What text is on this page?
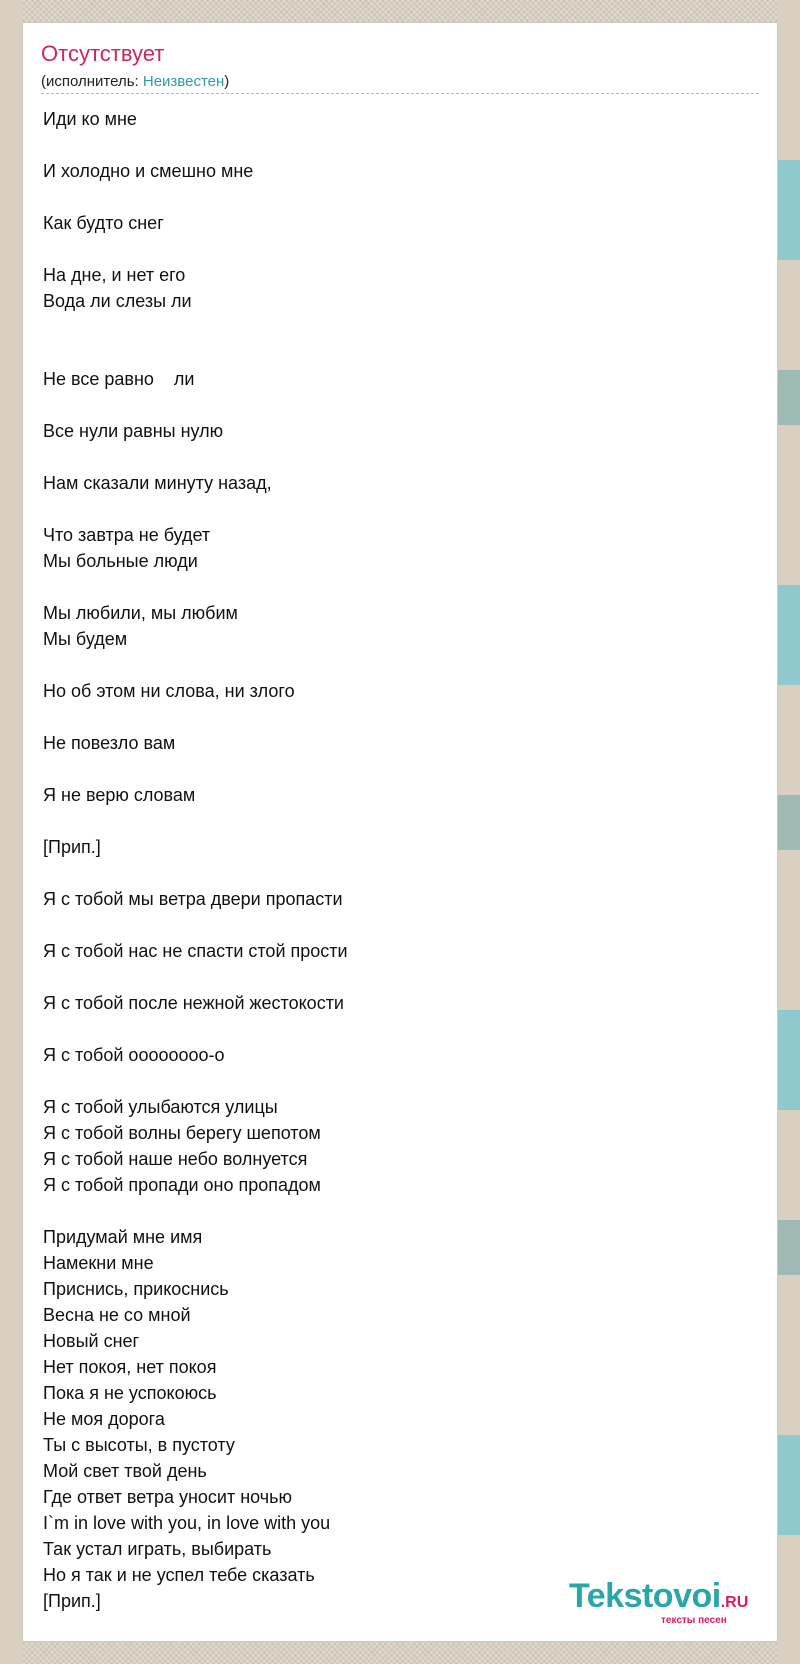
Отсутствует
(исполнитель: Неизвестен)
Иди ко мне
И холодно и смешно мне
Как будто снег
На дне, и нет его
Вода ли слезы ли
Не все равно    ли
Все нули равны нулю
Нам сказали минуту назад,
Что завтра не будет
Мы больные люди
Мы любили, мы любим
Мы будем
Но об этом ни слова, ни злого
Не повезло вам
Я не верю словам
[Прип.]
Я с тобой мы ветра двери пропасти
Я с тобой нас не спасти стой прости
Я с тобой после нежной жестокости
Я с тобой оооооооо-о
Я с тобой улыбаются улицы
Я с тобой волны берегу шепотом
Я с тобой наше небо волнуется
Я с тобой пропади оно пропадом
Придумай мне имя
Намекни мне
Приснись, прикоснись
Весна не со мной
Новый снег
Нет покоя, нет покоя
Пока я не успокоюсь
Не моя дорога
Ты с высоты, в пустоту
Мой свет твой день
Где ответ ветра уносит ночью
I`m in love with you, in love with you
Так устал играть, выбирать
Но я так и не успел тебе сказать
[Прип.]	Tekstovoi.RU
тексты песен
